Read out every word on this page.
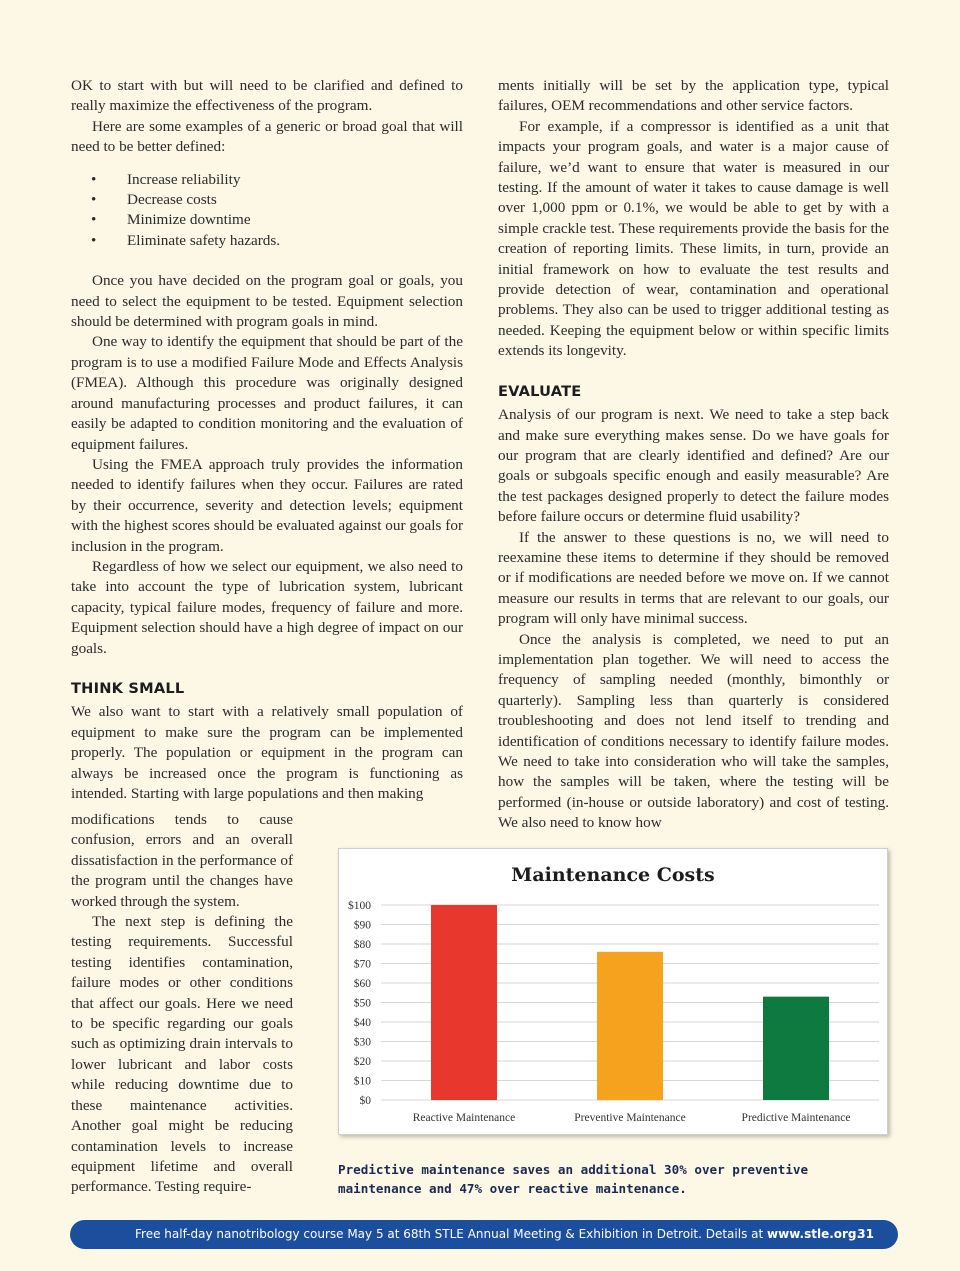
OK to start with but will need to be clarified and defined to really maximize the effectiveness of the program.

Here are some examples of a generic or broad goal that will need to be better defined:

• Increase reliability
• Decrease costs
• Minimize downtime
• Eliminate safety hazards.

Once you have decided on the program goal or goals, you need to select the equipment to be tested. Equipment selection should be determined with program goals in mind.

One way to identify the equipment that should be part of the program is to use a modified Failure Mode and Effects Analysis (FMEA). Although this procedure was originally designed around manufacturing processes and product failures, it can easily be adapted to condition monitoring and the evaluation of equipment failures.

Using the FMEA approach truly provides the information needed to identify failures when they occur. Failures are rated by their occurrence, severity and detection levels; equipment with the highest scores should be evaluated against our goals for inclusion in the program.

Regardless of how we select our equipment, we also need to take into account the type of lubrication system, lubricant capacity, typical failure modes, frequency of failure and more. Equipment selection should have a high degree of impact on our goals.

THINK SMALL

We also want to start with a relatively small population of equipment to make sure the program can be implemented properly. The population or equipment in the program can always be increased once the program is functioning as intended. Starting with large populations and then making

modifications tends to cause confusion, errors and an overall dissatisfaction in the performance of the program until the changes have worked through the system.

The next step is defining the testing requirements. Successful testing identifies contamination, failure modes or other conditions that affect our goals. Here we need to be specific regarding our goals such as optimizing drain intervals to lower lubricant and labor costs while reducing downtime due to these maintenance activities. Another goal might be reducing contamination levels to increase equipment lifetime and overall performance. Testing require-

ments initially will be set by the application type, typical failures, OEM recommendations and other service factors.

For example, if a compressor is identified as a unit that impacts your program goals, and water is a major cause of failure, we’d want to ensure that water is measured in our testing. If the amount of water it takes to cause damage is well over 1,000 ppm or 0.1%, we would be able to get by with a simple crackle test. These requirements provide the basis for the creation of reporting limits. These limits, in turn, provide an initial framework on how to evaluate the test results and provide detection of wear, contamination and operational problems. They also can be used to trigger additional testing as needed. Keeping the equipment below or within specific limits extends its longevity.

EVALUATE

Analysis of our program is next. We need to take a step back and make sure everything makes sense. Do we have goals for our program that are clearly identified and defined? Are our goals or subgoals specific enough and easily measurable? Are the test packages designed properly to detect the failure modes before failure occurs or determine fluid usability?

If the answer to these questions is no, we will need to reexamine these items to determine if they should be removed or if modifications are needed before we move on. If we cannot measure our results in terms that are relevant to our goals, our program will only have minimal success.

Once the analysis is completed, we need to put an implementation plan together. We will need to access the frequency of sampling needed (monthly, bimonthly or quarterly). Sampling less than quarterly is considered troubleshooting and does not lend itself to trending and identification of conditions necessary to identify failure modes. We need to take into consideration who will take the samples, how the samples will be taken, where the testing will be performed (in-house or outside laboratory) and cost of testing. We also need to know how

Maintenance Costs
$0
$10
$20
$30
$40
$50
$60
$70
$80
$90
$100
Reactive Maintenance	Preventive Maintenance	Predictive Maintenance
Predictive maintenance saves an additional 30% over preventive maintenance and 47% over reactive maintenance.
Free half-day nanotribology course May 5 at 68th STLE Annual Meeting & Exhibition in Detroit. Details at www.stle.org.
31
